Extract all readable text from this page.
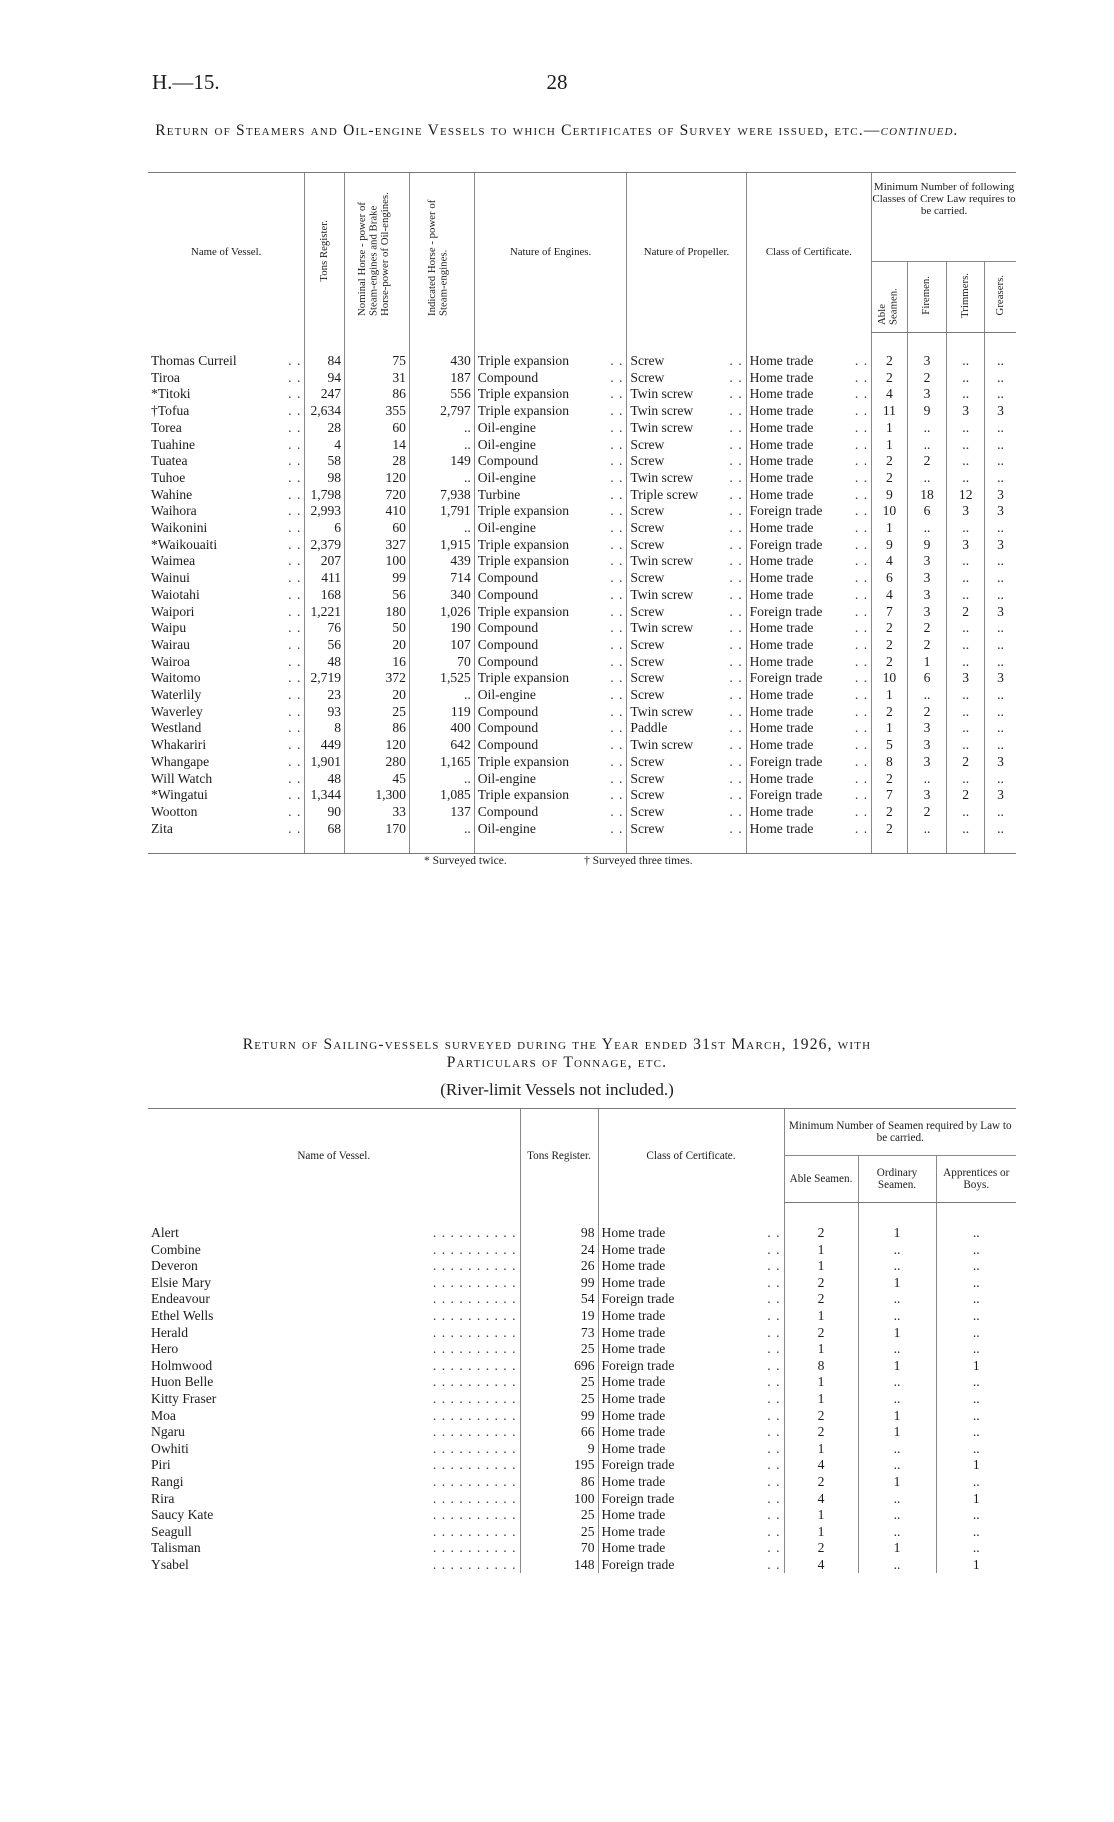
H.—15.	28
Return of Steamers and Oil-engine Vessels to which Certificates of Survey were issued, etc.—continued.
Name of Vessel.	Tons Register.	Nominal Horse - power of Steam-engines and Brake Horse-power of Oil-engines.	Indicated Horse - power of Steam-engines.	Nature of Engines.	Nature of Propeller.	Class of Certificate.	Minimum Number of following Classes of Crew Law requires to be carried.			
							Able Seamen.	Firemen.	Trimmers.	Greasers.

Thomas Curreil . .	84	75	430	Triple expansion . .	Screw . .	Home trade . .	2	3	..	..

Tiroa . .	94	31	187	Compound . .	Screw . .	Home trade . .	2	2	..	..

*Titoki . .	247	86	556	Triple expansion . .	Twin screw . .	Home trade . .	4	3	..	..

†Tofua . .	2,634	355	2,797	Triple expansion . .	Twin screw . .	Home trade . .	11	9	3	3

Torea . .	28	60	..	Oil-engine . .	Twin screw . .	Home trade . .	1	..	..	..

Tuahine . .	4	14	..	Oil-engine . .	Screw . .	Home trade . .	1	..	..	..

Tuatea . .	58	28	149	Compound . .	Screw . .	Home trade . .	2	2	..	..

Tuhoe . .	98	120	..	Oil-engine . .	Twin screw . .	Home trade . .	2	..	..	..

Wahine . .	1,798	720	7,938	Turbine . .	Triple screw . .	Home trade . .	9	18	12	3

Waihora . .	2,993	410	1,791	Triple expansion . .	Screw . .	Foreign trade . .	10	6	3	3

Waikonini . .	6	60	..	Oil-engine . .	Screw . .	Home trade . .	1	..	..	..

*Waikouaiti . .	2,379	327	1,915	Triple expansion . .	Screw . .	Foreign trade . .	9	9	3	3

Waimea . .	207	100	439	Triple expansion . .	Twin screw . .	Home trade . .	4	3	..	..

Wainui . .	411	99	714	Compound . .	Screw . .	Home trade . .	6	3	..	..

Waiotahi . .	168	56	340	Compound . .	Twin screw . .	Home trade . .	4	3	..	..

Waipori . .	1,221	180	1,026	Triple expansion . .	Screw . .	Foreign trade . .	7	3	2	3

Waipu . .	76	50	190	Compound . .	Twin screw . .	Home trade . .	2	2	..	..

Wairau . .	56	20	107	Compound . .	Screw . .	Home trade . .	2	2	..	..

Wairoa . .	48	16	70	Compound . .	Screw . .	Home trade . .	2	1	..	..

Waitomo . .	2,719	372	1,525	Triple expansion . .	Screw . .	Foreign trade . .	10	6	3	3

Waterlily . .	23	20	..	Oil-engine . .	Screw . .	Home trade . .	1	..	..	..

Waverley . .	93	25	119	Compound . .	Twin screw . .	Home trade . .	2	2	..	..

Westland . .	8	86	400	Compound . .	Paddle . .	Home trade . .	1	3	..	..

Whakariri . .	449	120	642	Compound . .	Twin screw . .	Home trade . .	5	3	..	..

Whangape . .	1,901	280	1,165	Triple expansion . .	Screw . .	Foreign trade . .	8	3	2	3

Will Watch . .	48	45	..	Oil-engine . .	Screw . .	Home trade . .	2	..	..	..

*Wingatui . .	1,344	1,300	1,085	Triple expansion . .	Screw . .	Foreign trade . .	7	3	2	3

Wootton . .	90	33	137	Compound . .	Screw . .	Home trade . .	2	2	..	..

Zita . .	68	170	..	Oil-engine . .	Screw . .	Home trade . .	2	..	..	..

* Surveyed twice.	† Surveyed three times.
Return of Sailing-vessels surveyed during the Year ended 31st March, 1926, with
Particulars of Tonnage, etc.
(River-limit Vessels not included.)
Name of Vessel.	Tons Register.	Class of Certificate.	Minimum Number of Seamen required by Law to be carried.		
			Able Seamen.	Ordinary Seamen.	Apprentices or Boys.

Alert . . . . . . . . . .	98	Home trade . .	2	1	..

Combine . . . . . . . . . .	24	Home trade . .	1	..	..

Deveron . . . . . . . . . .	26	Home trade . .	1	..	..

Elsie Mary . . . . . . . . . .	99	Home trade . .	2	1	..

Endeavour . . . . . . . . . .	54	Foreign trade . .	2	..	..

Ethel Wells . . . . . . . . . .	19	Home trade . .	1	..	..

Herald . . . . . . . . . .	73	Home trade . .	2	1	..

Hero . . . . . . . . . .	25	Home trade . .	1	..	..

Holmwood . . . . . . . . . .	696	Foreign trade . .	8	1	1

Huon Belle . . . . . . . . . .	25	Home trade . .	1	..	..

Kitty Fraser . . . . . . . . . .	25	Home trade . .	1	..	..

Moa . . . . . . . . . .	99	Home trade . .	2	1	..

Ngaru . . . . . . . . . .	66	Home trade . .	2	1	..

Owhiti . . . . . . . . . .	9	Home trade . .	1	..	..

Piri . . . . . . . . . .	195	Foreign trade . .	4	..	1

Rangi . . . . . . . . . .	86	Home trade . .	2	1	..

Rira . . . . . . . . . .	100	Foreign trade . .	4	..	1

Saucy Kate . . . . . . . . . .	25	Home trade . .	1	..	..

Seagull . . . . . . . . . .	25	Home trade . .	1	..	..

Talisman . . . . . . . . . .	70	Home trade . .	2	1	..

Ysabel . . . . . . . . . .	148	Foreign trade . .	4	..	1
